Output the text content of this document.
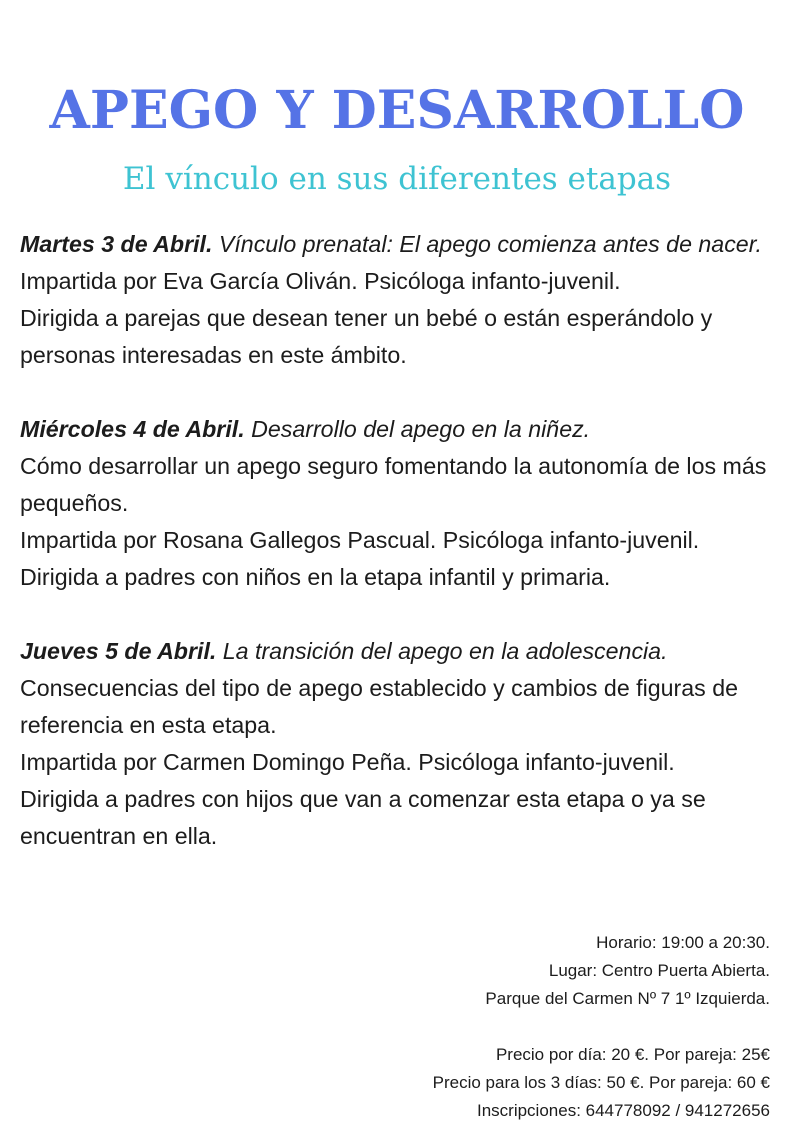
APEGO Y DESARROLLO
El vínculo en sus diferentes etapas

Martes 3 de Abril. Vínculo prenatal: El apego comienza antes de nacer.

Impartida por Eva García Oliván. Psicóloga infanto-juvenil.

Dirigida a parejas que desean tener un bebé o están esperándolo y personas interesadas en este ámbito.

Miércoles 4 de Abril. Desarrollo del apego en la niñez.

Cómo desarrollar un apego seguro fomentando la autonomía de los más pequeños.

Impartida por Rosana Gallegos Pascual. Psicóloga infanto-juvenil.

Dirigida a padres con niños en la etapa infantil y primaria.

Jueves 5 de Abril. La transición del apego en la adolescencia.

Consecuencias del tipo de apego establecido y cambios de figuras de referencia en esta etapa.

Impartida por Carmen Domingo Peña. Psicóloga infanto-juvenil.

Dirigida a padres con hijos que van a comenzar esta etapa o ya se encuentran en ella.

Horario: 19:00 a 20:30.

Lugar: Centro Puerta Abierta.

Parque del Carmen Nº 7 1º Izquierda.

Precio por día: 20 €. Por pareja: 25€

Precio para los 3 días: 50 €. Por pareja: 60 €

Inscripciones: 644778092 / 941272656
